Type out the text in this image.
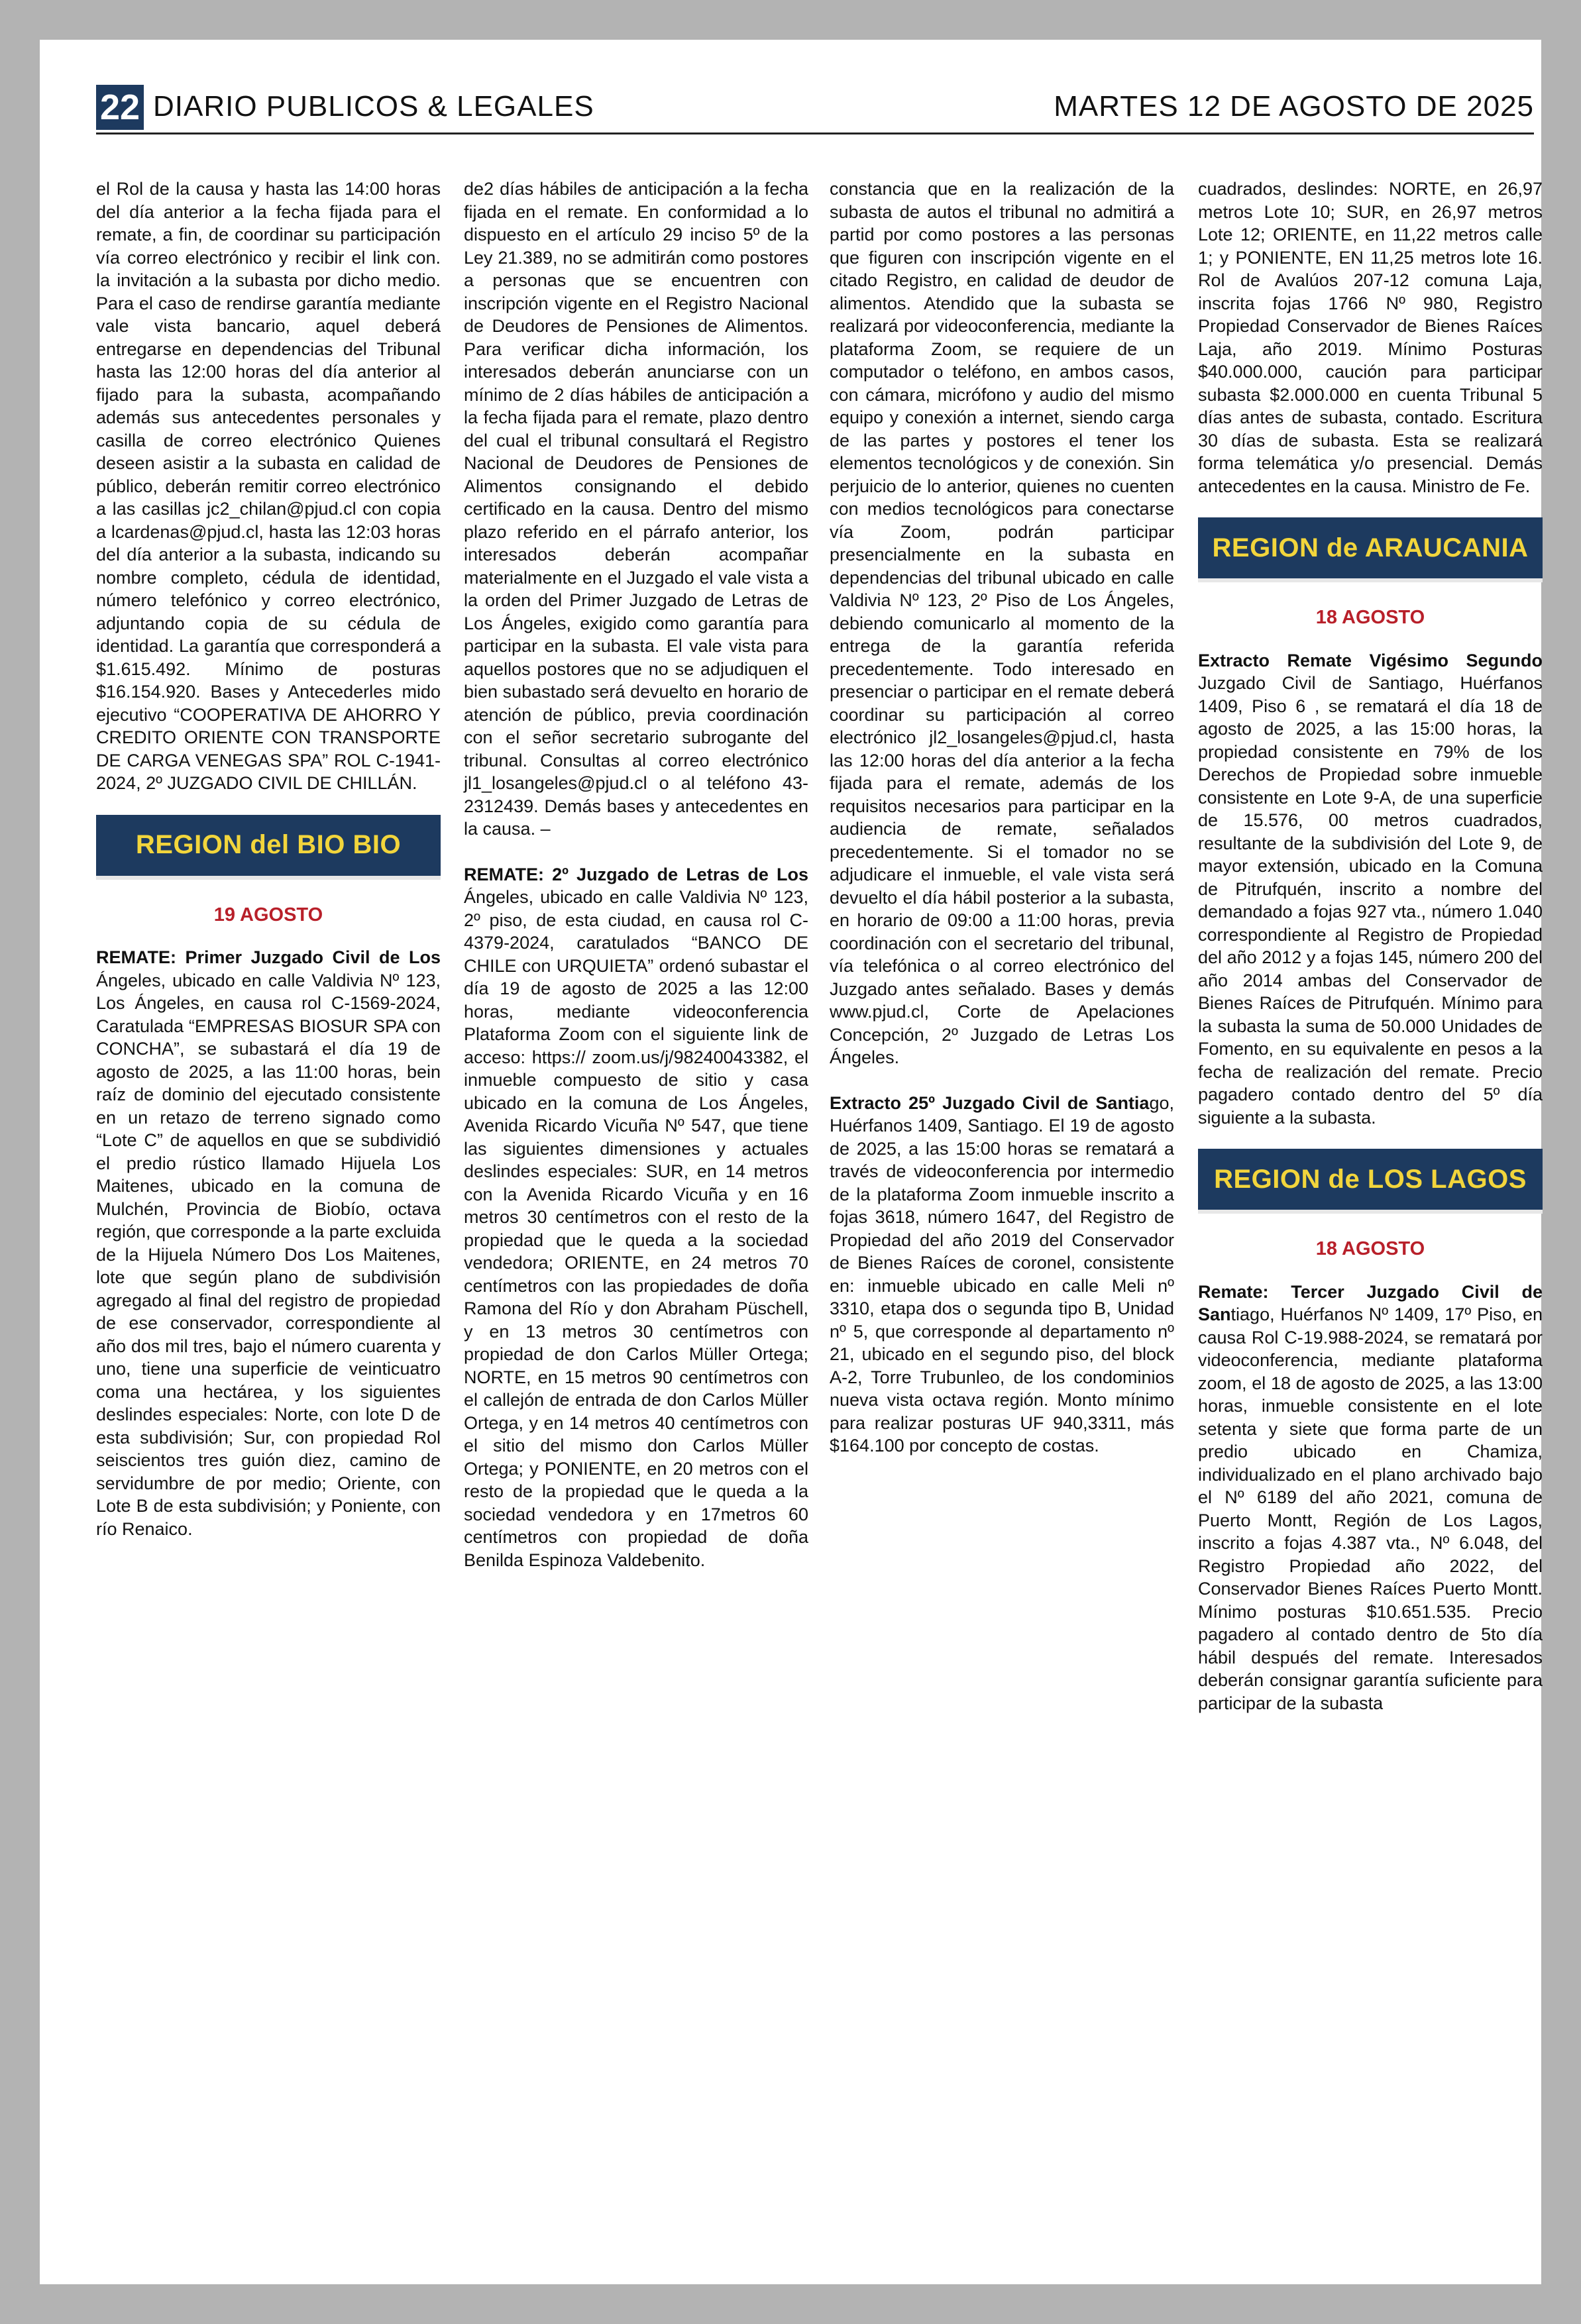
22 DIARIO PUBLICOS & LEGALES	MARTES 12 DE AGOSTO DE 2025

el Rol de la causa y hasta las 14:00 horas del día anterior a la fecha fijada para el remate, a fin, de coordinar su participación vía correo electrónico y recibir el link con. la invitación a la subasta por dicho medio. Para el caso de rendirse garantía mediante vale vista bancario, aquel deberá entregarse en dependencias del Tribunal hasta las 12:00 horas del día anterior al fijado para la subasta, acompañando además sus antecedentes personales y casilla de correo electrónico Quienes deseen asistir a la subasta en calidad de público, deberán remitir correo electrónico a las casillas jc2_chilan@pjud.cl con copia a lcardenas@pjud.cl, hasta las 12:03 horas del día anterior a la subasta, indicando su nombre completo, cédula de identidad, número telefónico y correo electrónico, adjuntando copia de su cédula de identidad. La garantía que corresponderá a $1.615.492. Mínimo de posturas $16.154.920. Bases y Antecederles mido ejecutivo “COOPERATIVA DE AHORRO Y CREDITO ORIENTE CON TRANSPORTE DE CARGA VENEGAS SPA” ROL C-1941-2024, 2º JUZGADO CIVIL DE CHILLÁN.

REGION del BIO BIO
19 AGOSTO

REMATE: Primer Juzgado Civil de Los Ángeles, ubicado en calle Valdivia Nº 123, Los Ángeles, en causa rol C-1569-2024, Caratulada “EMPRESAS BIOSUR SPA con CONCHA”, se subastará el día 19 de agosto de 2025, a las 11:00 horas, bein raíz de dominio del ejecutado consistente en un retazo de terreno signado como “Lote C” de aquellos en que se subdividió el predio rústico llamado Hijuela Los Maitenes, ubicado en la comuna de Mulchén, Provincia de Biobío, octava región, que corresponde a la parte excluida de la Hijuela Número Dos Los Maitenes, lote que según plano de subdivisión agregado al final del registro de propiedad de ese conservador, correspondiente al año dos mil tres, bajo el número cuarenta y uno, tiene una superficie de veinticuatro coma una hectárea, y los siguientes deslindes especiales: Norte, con lote D de esta subdivisión; Sur, con propiedad Rol seiscientos tres guión diez, camino de servidumbre de por medio; Oriente, con Lote B de esta subdivisión; y Poniente, con río Renaico.

de2 días hábiles de anticipación a la fecha fijada en el remate. En conformidad a lo dispuesto en el artículo 29 inciso 5º de la Ley 21.389, no se admitirán como postores a personas que se encuentren con inscripción vigente en el Registro Nacional de Deudores de Pensiones de Alimentos. Para verificar dicha información, los interesados deberán anunciarse con un mínimo de 2 días hábiles de anticipación a la fecha fijada para el remate, plazo dentro del cual el tribunal consultará el Registro Nacional de Deudores de Pensiones de Alimentos consignando el debido certificado en la causa. Dentro del mismo plazo referido en el párrafo anterior, los interesados deberán acompañar materialmente en el Juzgado el vale vista a la orden del Primer Juzgado de Letras de Los Ángeles, exigido como garantía para participar en la subasta. El vale vista para aquellos postores que no se adjudiquen el bien subastado será devuelto en horario de atención de público, previa coordinación con el señor secretario subrogante del tribunal. Consultas al correo electrónico jl1_losangeles@pjud.cl o al teléfono 43-2312439. Demás bases y antecedentes en la causa. –

REMATE: 2º Juzgado de Letras de Los Ángeles, ubicado en calle Valdivia Nº 123, 2º piso, de esta ciudad, en causa rol C-4379-2024, caratulados “BANCO DE CHILE con URQUIETA” ordenó subastar el día 19 de agosto de 2025 a las 12:00 horas, mediante videoconferencia Plataforma Zoom con el siguiente link de acceso: https:// zoom.us/j/98240043382, el inmueble compuesto de sitio y casa ubicado en la comuna de Los Ángeles, Avenida Ricardo Vicuña Nº 547, que tiene las siguientes dimensiones y actuales deslindes especiales: SUR, en 14 metros con la Avenida Ricardo Vicuña y en 16 metros 30 centímetros con el resto de la propiedad que le queda a la sociedad vendedora; ORIENTE, en 24 metros 70 centímetros con las propiedades de doña Ramona del Río y don Abraham Püschell, y en 13 metros 30 centímetros con propiedad de don Carlos Müller Ortega; NORTE, en 15 metros 90 centímetros con el callejón de entrada de don Carlos Müller Ortega, y en 14 metros 40 centímetros con el sitio del mismo don Carlos Müller Ortega; y PONIENTE, en 20 metros con el resto de la propiedad que le queda a la sociedad vendedora y en 17metros 60 centímetros con propiedad de doña Benilda Espinoza Valdebenito.

constancia que en la realización de la subasta de autos el tribunal no admitirá a partid por como postores a las personas que figuren con inscripción vigente en el citado Registro, en calidad de deudor de alimentos. Atendido que la subasta se realizará por videoconferencia, mediante la plataforma Zoom, se requiere de un computador o teléfono, en ambos casos, con cámara, micrófono y audio del mismo equipo y conexión a internet, siendo carga de las partes y postores el tener los elementos tecnológicos y de conexión. Sin perjuicio de lo anterior, quienes no cuenten con medios tecnológicos para conectarse vía Zoom, podrán participar presencialmente en la subasta en dependencias del tribunal ubicado en calle Valdivia Nº 123, 2º Piso de Los Ángeles, debiendo comunicarlo al momento de la entrega de la garantía referida precedentemente. Todo interesado en presenciar o participar en el remate deberá coordinar su participación al correo electrónico jl2_losangeles@pjud.cl, hasta las 12:00 horas del día anterior a la fecha fijada para el remate, además de los requisitos necesarios para participar en la audiencia de remate, señalados precedentemente. Si el tomador no se adjudicare el inmueble, el vale vista será devuelto el día hábil posterior a la subasta, en horario de 09:00 a 11:00 horas, previa coordinación con el secretario del tribunal, vía telefónica o al correo electrónico del Juzgado antes señalado. Bases y demás www.pjud.cl, Corte de Apelaciones Concepción, 2º Juzgado de Letras Los Ángeles.

Extracto 25º Juzgado Civil de Santiago, Huérfanos 1409, Santiago. El 19 de agosto de 2025, a las 15:00 horas se rematará a través de videoconferencia por intermedio de la plataforma Zoom inmueble inscrito a fojas 3618, número 1647, del Registro de Propiedad del año 2019 del Conservador de Bienes Raíces de coronel, consistente en: inmueble ubicado en calle Meli nº 3310, etapa dos o segunda tipo B, Unidad nº 5, que corresponde al departamento nº 21, ubicado en el segundo piso, del block A-2, Torre Trubunleo, de los condominios nueva vista octava región. Monto mínimo para realizar posturas UF 940,3311, más $164.100 por concepto de costas.

cuadrados, deslindes: NORTE, en 26,97 metros Lote 10; SUR, en 26,97 metros Lote 12; ORIENTE, en 11,22 metros calle 1; y PONIENTE, EN 11,25 metros lote 16. Rol de Avalúos 207-12 comuna Laja, inscrita fojas 1766 Nº 980, Registro Propiedad Conservador de Bienes Raíces Laja, año 2019. Mínimo Posturas $40.000.000, caución para participar subasta $2.000.000 en cuenta Tribunal 5 días antes de subasta, contado. Escritura 30 días de subasta. Esta se realizará forma telemática y/o presencial. Demás antecedentes en la causa. Ministro de Fe.

REGION de ARAUCANIA
18 AGOSTO

Extracto Remate Vigésimo Segundo Juzgado Civil de Santiago, Huérfanos 1409, Piso 6 , se rematará el día 18 de agosto de 2025, a las 15:00 horas, la propiedad consistente en 79% de los Derechos de Propiedad sobre inmueble consistente en Lote 9-A, de una superficie de 15.576, 00 metros cuadrados, resultante de la subdivisión del Lote 9, de mayor extensión, ubicado en la Comuna de Pitrufquén, inscrito a nombre del demandado a fojas 927 vta., número 1.040 correspondiente al Registro de Propiedad del año 2012 y a fojas 145, número 200 del año 2014 ambas del Conservador de Bienes Raíces de Pitrufquén. Mínimo para la subasta la suma de 50.000 Unidades de Fomento, en su equivalente en pesos a la fecha de realización del remate. Precio pagadero contado dentro del 5º día siguiente a la subasta.

REGION de LOS LAGOS
18 AGOSTO

Remate: Tercer Juzgado Civil de Santiago, Huérfanos Nº 1409, 17º Piso, en causa Rol C-19.988-2024, se rematará por videoconferencia, mediante plataforma zoom, el 18 de agosto de 2025, a las 13:00 horas, inmueble consistente en el lote setenta y siete que forma parte de un predio ubicado en Chamiza, individualizado en el plano archivado bajo el Nº 6189 del año 2021, comuna de Puerto Montt, Región de Los Lagos, inscrito a fojas 4.387 vta., Nº 6.048, del Registro Propiedad año 2022, del Conservador Bienes Raíces Puerto Montt. Mínimo posturas $10.651.535. Precio pagadero al contado dentro de 5to día hábil después del remate. Interesados deberán consignar garantía suficiente para participar de la subasta
